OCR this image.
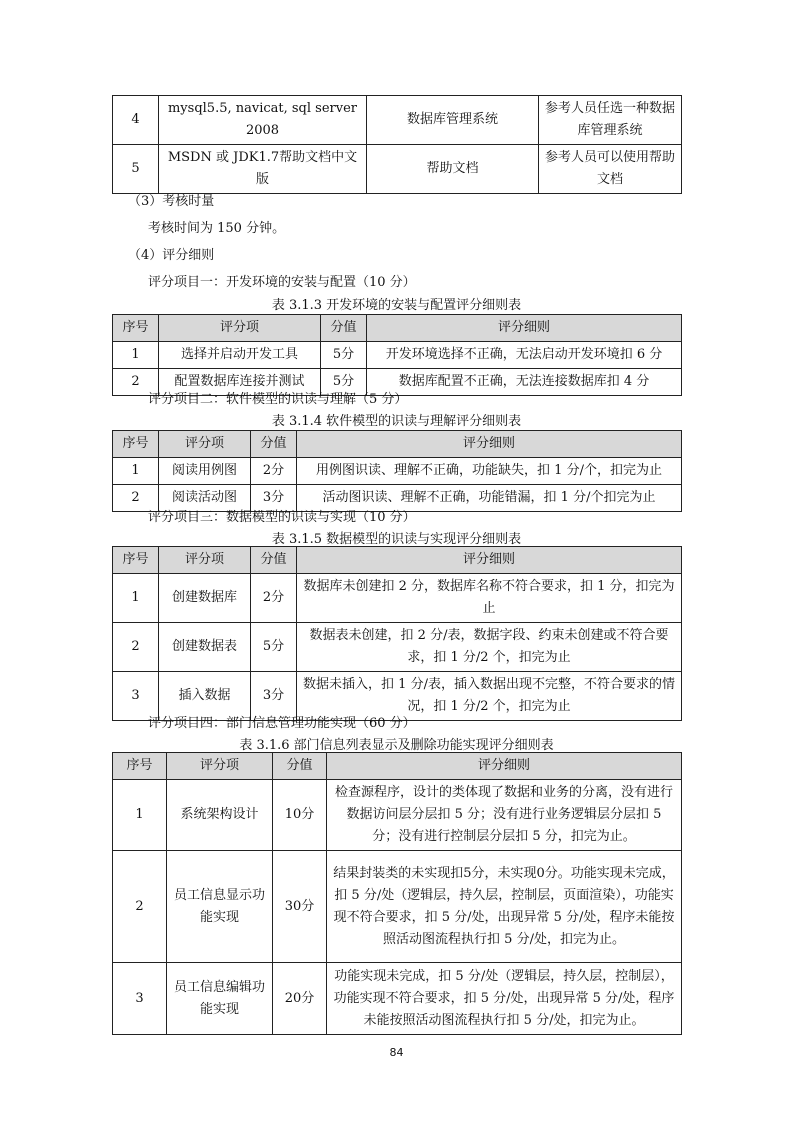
4	mysql5.5, navicat, sql server 2008	数据库管理系统	参考人员任选一种数据库管理系统
5	MSDN 或 JDK1.7帮助文档中文版	帮助文档	参考人员可以使用帮助文档
（3）考核时量
考核时间为 150 分钟。
（4）评分细则
评分项目一：开发环境的安装与配置（10 分）
表 3.1.3 开发环境的安装与配置评分细则表
序号	评分项	分值	评分细则
1	选择并启动开发工具	5分	开发环境选择不正确，无法启动开发环境扣 6 分
2	配置数据库连接并测试	5分	数据库配置不正确，无法连接数据库扣 4 分
评分项目二：软件模型的识读与理解（5 分）
表 3.1.4 软件模型的识读与理解评分细则表
序号	评分项	分值	评分细则
1	阅读用例图	2分	用例图识读、理解不正确，功能缺失，扣 1 分/个，扣完为止
2	阅读活动图	3分	活动图识读、理解不正确，功能错漏，扣 1 分/个扣完为止
评分项目三：数据模型的识读与实现（10 分）
表 3.1.5 数据模型的识读与实现评分细则表
序号	评分项	分值	评分细则
1	创建数据库	2分	数据库未创建扣 2 分，数据库名称不符合要求，扣 1 分，扣完为止
2	创建数据表	5分	数据表未创建，扣 2 分/表，数据字段、约束未创建或不符合要求，扣 1 分/2 个，扣完为止
3	插入数据	3分	数据未插入，扣 1 分/表，插入数据出现不完整，不符合要求的情况，扣 1 分/2 个，扣完为止
评分项目四：部门信息管理功能实现（60 分）
表 3.1.6 部门信息列表显示及删除功能实现评分细则表
序号	评分项	分值	评分细则
1	系统架构设计	10分	检查源程序，设计的类体现了数据和业务的分离，没有进行数据访问层分层扣 5 分；没有进行业务逻辑层分层扣 5 分；没有进行控制层分层扣 5 分，扣完为止。
2	员工信息显示功能实现	30分	结果封装类的未实现扣5分，未实现0分。功能实现未完成，扣 5 分/处（逻辑层，持久层，控制层，页面渲染），功能实现不符合要求，扣 5 分/处，出现异常 5 分/处，程序未能按照活动图流程执行扣 5 分/处，扣完为止。
3	员工信息编辑功能实现	20分	功能实现未完成，扣 5 分/处（逻辑层，持久层，控制层），功能实现不符合要求，扣 5 分/处，出现异常 5 分/处，程序未能按照活动图流程执行扣 5 分/处，扣完为止。
84
